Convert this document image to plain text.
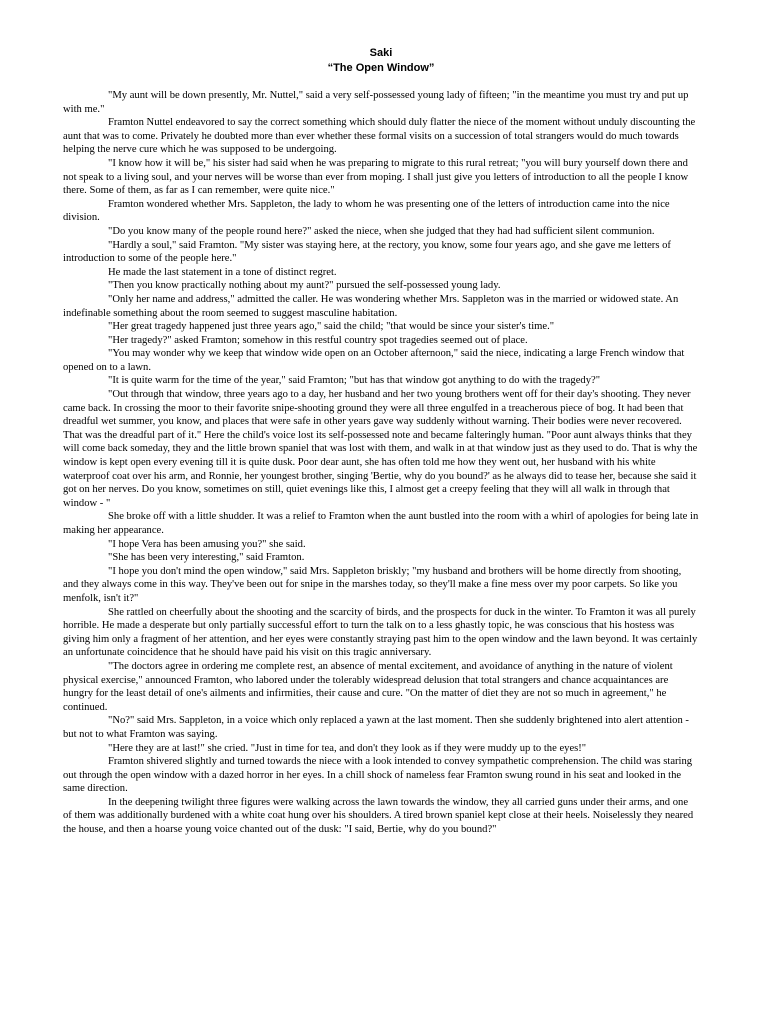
Saki
“The Open Window”

"My aunt will be down presently, Mr. Nuttel," said a very self-possessed young lady of fifteen; "in the meantime you must try and put up with me."

Framton Nuttel endeavored to say the correct something which should duly flatter the niece of the moment without unduly discounting the aunt that was to come. Privately he doubted more than ever whether these formal visits on a succession of total strangers would do much towards helping the nerve cure which he was supposed to be undergoing.

"I know how it will be," his sister had said when he was preparing to migrate to this rural retreat; "you will bury yourself down there and not speak to a living soul, and your nerves will be worse than ever from moping. I shall just give you letters of introduction to all the people I know there. Some of them, as far as I can remember, were quite nice."

Framton wondered whether Mrs. Sappleton, the lady to whom he was presenting one of the letters of introduction came into the nice division.

"Do you know many of the people round here?" asked the niece, when she judged that they had had sufficient silent communion.

"Hardly a soul," said Framton. "My sister was staying here, at the rectory, you know, some four years ago, and she gave me letters of introduction to some of the people here."

He made the last statement in a tone of distinct regret.

"Then you know practically nothing about my aunt?" pursued the self-possessed young lady.

"Only her name and address," admitted the caller. He was wondering whether Mrs. Sappleton was in the married or widowed state. An indefinable something about the room seemed to suggest masculine habitation.

"Her great tragedy happened just three years ago," said the child; "that would be since your sister's time."

"Her tragedy?" asked Framton; somehow in this restful country spot tragedies seemed out of place.

"You may wonder why we keep that window wide open on an October afternoon," said the niece, indicating a large French window that opened on to a lawn.

"It is quite warm for the time of the year," said Framton; "but has that window got anything to do with the tragedy?"

"Out through that window, three years ago to a day, her husband and her two young brothers went off for their day's shooting. They never came back. In crossing the moor to their favorite snipe-shooting ground they were all three engulfed in a treacherous piece of bog. It had been that dreadful wet summer, you know, and places that were safe in other years gave way suddenly without warning. Their bodies were never recovered. That was the dreadful part of it." Here the child's voice lost its self-possessed note and became falteringly human. "Poor aunt always thinks that they will come back someday, they and the little brown spaniel that was lost with them, and walk in at that window just as they used to do. That is why the window is kept open every evening till it is quite dusk. Poor dear aunt, she has often told me how they went out, her husband with his white waterproof coat over his arm, and Ronnie, her youngest brother, singing 'Bertie, why do you bound?' as he always did to tease her, because she said it got on her nerves. Do you know, sometimes on still, quiet evenings like this, I almost get a creepy feeling that they will all walk in through that window - "

She broke off with a little shudder. It was a relief to Framton when the aunt bustled into the room with a whirl of apologies for being late in making her appearance.

"I hope Vera has been amusing you?" she said.

"She has been very interesting," said Framton.

"I hope you don't mind the open window," said Mrs. Sappleton briskly; "my husband and brothers will be home directly from shooting, and they always come in this way. They've been out for snipe in the marshes today, so they'll make a fine mess over my poor carpets. So like you menfolk, isn't it?"

She rattled on cheerfully about the shooting and the scarcity of birds, and the prospects for duck in the winter. To Framton it was all purely horrible. He made a desperate but only partially successful effort to turn the talk on to a less ghastly topic, he was conscious that his hostess was giving him only a fragment of her attention, and her eyes were constantly straying past him to the open window and the lawn beyond. It was certainly an unfortunate coincidence that he should have paid his visit on this tragic anniversary.

"The doctors agree in ordering me complete rest, an absence of mental excitement, and avoidance of anything in the nature of violent physical exercise," announced Framton, who labored under the tolerably widespread delusion that total strangers and chance acquaintances are hungry for the least detail of one's ailments and infirmities, their cause and cure. "On the matter of diet they are not so much in agreement," he continued.

"No?" said Mrs. Sappleton, in a voice which only replaced a yawn at the last moment. Then she suddenly brightened into alert attention - but not to what Framton was saying.

"Here they are at last!" she cried. "Just in time for tea, and don't they look as if they were muddy up to the eyes!"

Framton shivered slightly and turned towards the niece with a look intended to convey sympathetic comprehension. The child was staring out through the open window with a dazed horror in her eyes. In a chill shock of nameless fear Framton swung round in his seat and looked in the same direction.

In the deepening twilight three figures were walking across the lawn towards the window, they all carried guns under their arms, and one of them was additionally burdened with a white coat hung over his shoulders. A tired brown spaniel kept close at their heels. Noiselessly they neared the house, and then a hoarse young voice chanted out of the dusk: "I said, Bertie, why do you bound?"
